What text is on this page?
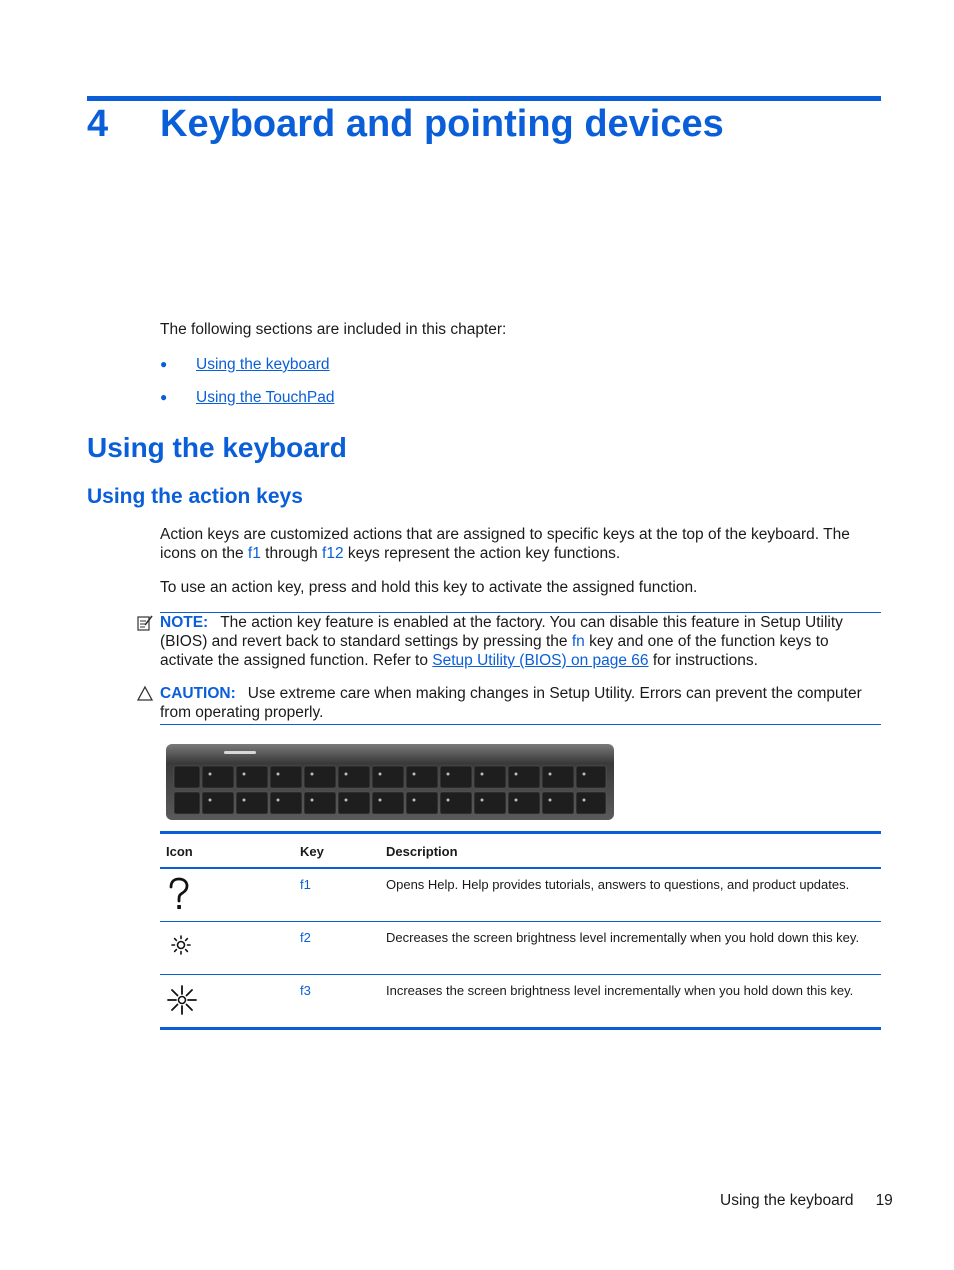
4 Keyboard and pointing devices

The following sections are included in this chapter:

● Using the keyboard
● Using the TouchPad
Using the keyboard
Using the action keys

Action keys are customized actions that are assigned to specific keys at the top of the keyboard. The icons on the f1 through f12 keys represent the action key functions.

To use an action key, press and hold this key to activate the assigned function.

NOTE: The action key feature is enabled at the factory. You can disable this feature in Setup Utility (BIOS) and revert back to standard settings by pressing the fn key and one of the function keys to activate the assigned function. Refer to Setup Utility (BIOS) on page 66 for instructions.
CAUTION: Use extreme care when making changes in Setup Utility. Errors can prevent the computer from operating properly.
Icon	Key	Description
	f1	Opens Help. Help provides tutorials, answers to questions, and product updates.
	f2	Decreases the screen brightness level incrementally when you hold down this key.
	f3	Increases the screen brightness level incrementally when you hold down this key.
Using the keyboard 19
